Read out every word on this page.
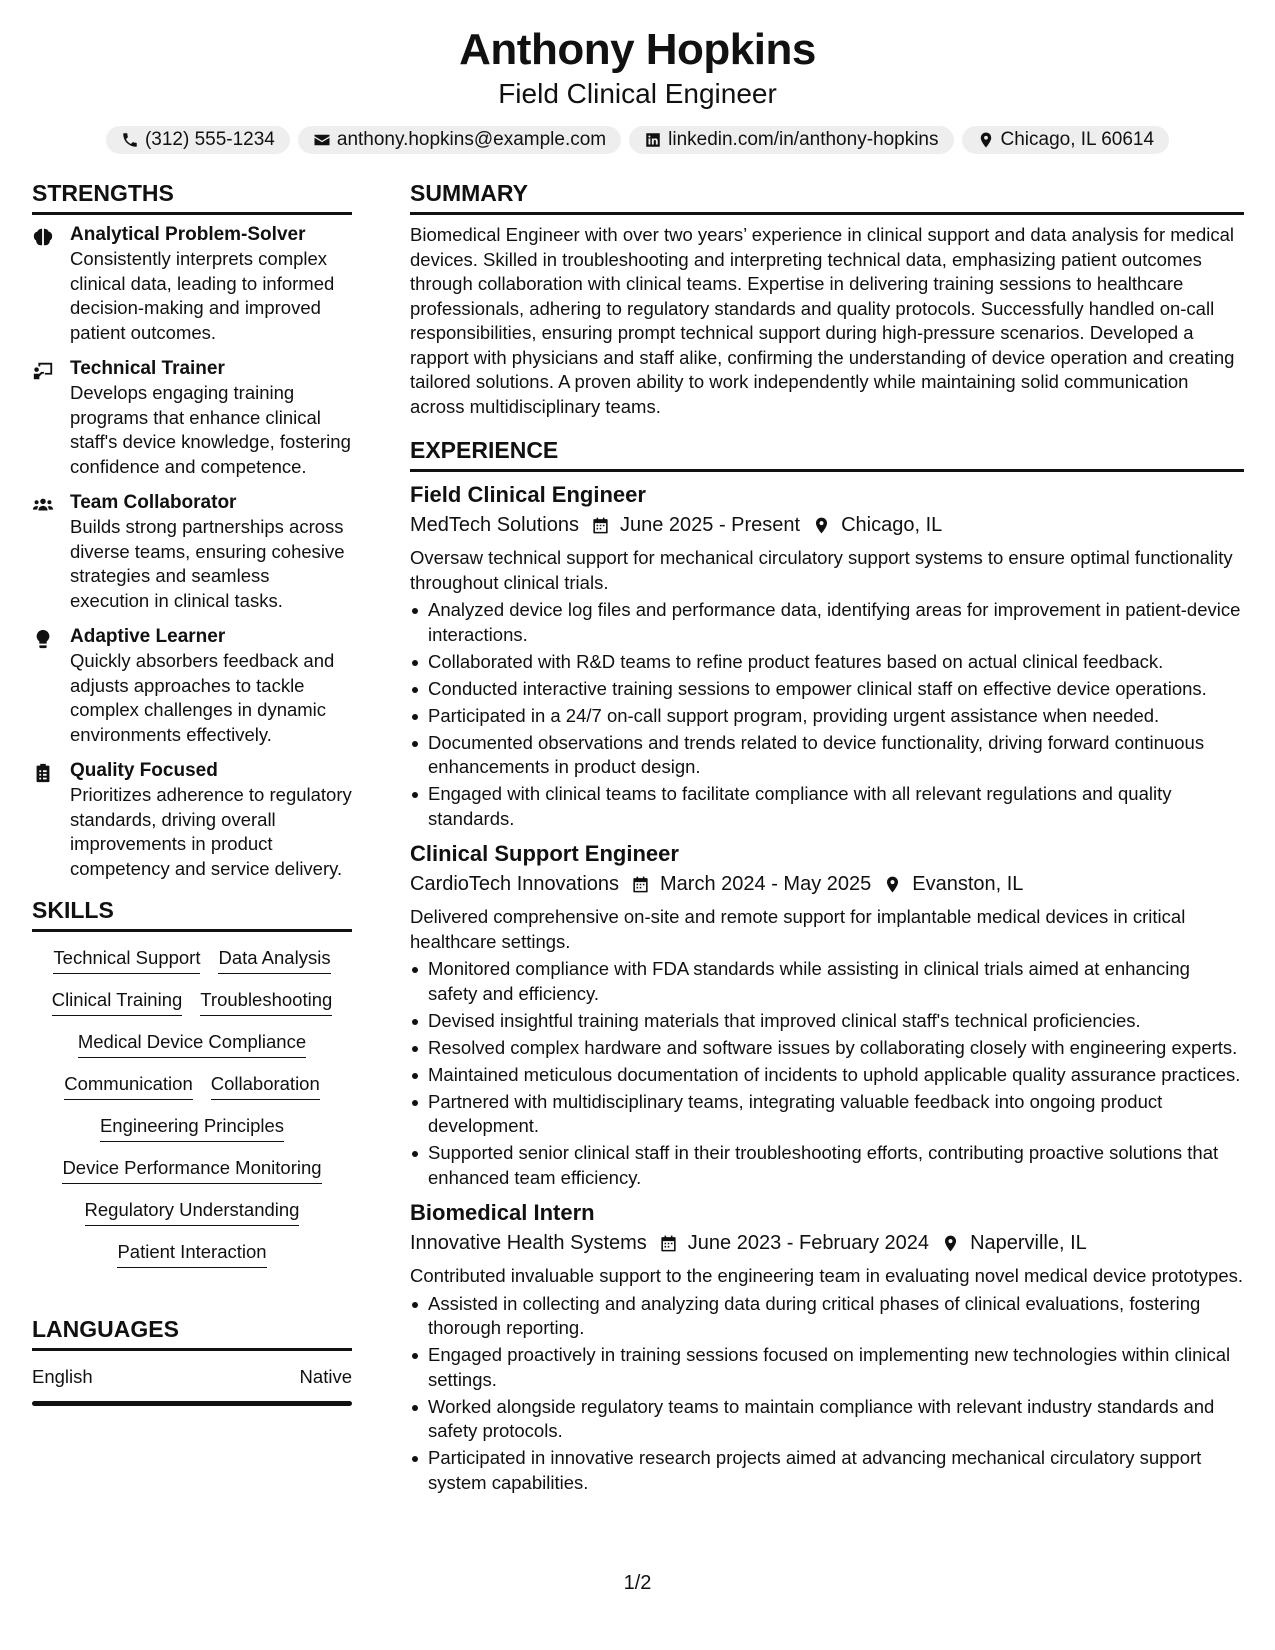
Anthony Hopkins
Field Clinical Engineer
(312) 555-1234	anthony.hopkins@example.com	linkedin.com/in/anthony-hopkins	Chicago, IL 60614
STRENGTHS
Analytical Problem-Solver
Consistently interprets complex clinical data, leading to informed decision-making and improved patient outcomes.
Technical Trainer
Develops engaging training programs that enhance clinical staff's device knowledge, fostering confidence and competence.
Team Collaborator
Builds strong partnerships across diverse teams, ensuring cohesive strategies and seamless execution in clinical tasks.
Adaptive Learner
Quickly absorbers feedback and adjusts approaches to tackle complex challenges in dynamic environments effectively.
Quality Focused
Prioritizes adherence to regulatory standards, driving overall improvements in product competency and service delivery.
SKILLS
Technical Support Data Analysis
Clinical Training Troubleshooting
Medical Device Compliance
Communication Collaboration
Engineering Principles
Device Performance Monitoring
Regulatory Understanding
Patient Interaction
LANGUAGES
English	Native
SUMMARY
Biomedical Engineer with over two years’ experience in clinical support and data analysis for medical devices. Skilled in troubleshooting and interpreting technical data, emphasizing patient outcomes through collaboration with clinical teams. Expertise in delivering training sessions to healthcare professionals, adhering to regulatory standards and quality protocols. Successfully handled on-call responsibilities, ensuring prompt technical support during high-pressure scenarios. Developed a rapport with physicians and staff alike, confirming the understanding of device operation and creating tailored solutions. A proven ability to work independently while maintaining solid communication across multidisciplinary teams.
EXPERIENCE
Field Clinical Engineer
MedTech Solutions June 2025 - Present Chicago, IL
Oversaw technical support for mechanical circulatory support systems to ensure optimal functionality throughout clinical trials.
Analyzed device log files and performance data, identifying areas for improvement in patient-device interactions.
Collaborated with R&D teams to refine product features based on actual clinical feedback.
Conducted interactive training sessions to empower clinical staff on effective device operations.
Participated in a 24/7 on-call support program, providing urgent assistance when needed.
Documented observations and trends related to device functionality, driving forward continuous enhancements in product design.
Engaged with clinical teams to facilitate compliance with all relevant regulations and quality standards.
Clinical Support Engineer
CardioTech Innovations March 2024 - May 2025 Evanston, IL
Delivered comprehensive on-site and remote support for implantable medical devices in critical healthcare settings.
Monitored compliance with FDA standards while assisting in clinical trials aimed at enhancing safety and efficiency.
Devised insightful training materials that improved clinical staff's technical proficiencies.
Resolved complex hardware and software issues by collaborating closely with engineering experts.
Maintained meticulous documentation of incidents to uphold applicable quality assurance practices.
Partnered with multidisciplinary teams, integrating valuable feedback into ongoing product development.
Supported senior clinical staff in their troubleshooting efforts, contributing proactive solutions that enhanced team efficiency.
Biomedical Intern
Innovative Health Systems June 2023 - February 2024 Naperville, IL
Contributed invaluable support to the engineering team in evaluating novel medical device prototypes.
Assisted in collecting and analyzing data during critical phases of clinical evaluations, fostering thorough reporting.
Engaged proactively in training sessions focused on implementing new technologies within clinical settings.
Worked alongside regulatory teams to maintain compliance with relevant industry standards and safety protocols.
Participated in innovative research projects aimed at advancing mechanical circulatory support system capabilities.
1/2
